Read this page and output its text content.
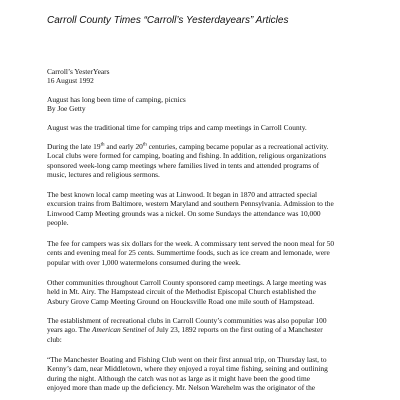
Carroll County Times “Carroll’s Yesterdayears” Articles
Carroll’s YesterYears
16 August 1992
August has long been time of camping, picnics
By Joe Getty
August was the traditional time for camping trips and camp meetings in Carroll County.
During the late 19th and early 20th centuries, camping became popular as a recreational activity.
Local clubs were formed for camping, boating and fishing. In addition, religious organizations
sponsored week-long camp meetings where families lived in tents and attended programs of
music, lectures and religious sermons.
The best known local camp meeting was at Linwood. It began in 1870 and attracted special
excursion trains from Baltimore, western Maryland and southern Pennsylvania. Admission to the
Linwood Camp Meeting grounds was a nickel. On some Sundays the attendance was 10,000
people.
The fee for campers was six dollars for the week. A commissary tent served the noon meal for 50
cents and evening meal for 25 cents. Summertime foods, such as ice cream and lemonade, were
popular with over 1,000 watermelons consumed during the week.
Other communities throughout Carroll County sponsored camp meetings. A large meeting was
held in Mt. Airy. The Hampstead circuit of the Methodist Episcopal Church established the
Asbury Grove Camp Meeting Ground on Houcksville Road one mile south of Hampstead.
The establishment of recreational clubs in Carroll County’s communities was also popular 100
years ago. The American Sentinel of July 23, 1892 reports on the first outing of a Manchester
club:
“The Manchester Boating and Fishing Club went on their first annual trip, on Thursday last, to
Kenny’s dam, near Middletown, where they enjoyed a royal time fishing, seining and outlining
during the night. Although the catch was not as large as it might have been the good time
enjoyed more than made up the deficiency. Mr. Nelson Warehelm was the originator of the
